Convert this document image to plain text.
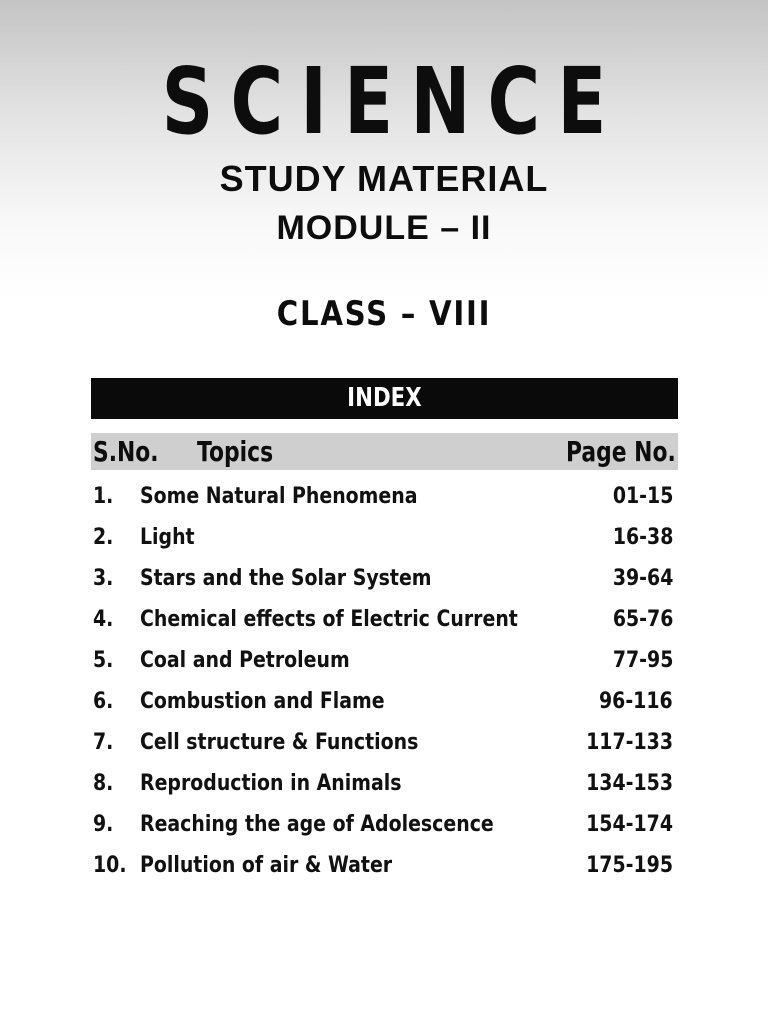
SCIENCE
STUDY MATERIAL
MODULE – II
CLASS – VIII
INDEX
S.No. Topics	Page No.
1. Some Natural Phenomena	01-15
2. Light	16-38
3. Stars and the Solar System	39-64
4. Chemical effects of Electric Current	65-76
5. Coal and Petroleum	77-95
6. Combustion and Flame	96-116
7. Cell structure & Functions	117-133
8. Reproduction in Animals	134-153
9. Reaching the age of Adolescence	154-174
10. Pollution of air & Water	175-195
